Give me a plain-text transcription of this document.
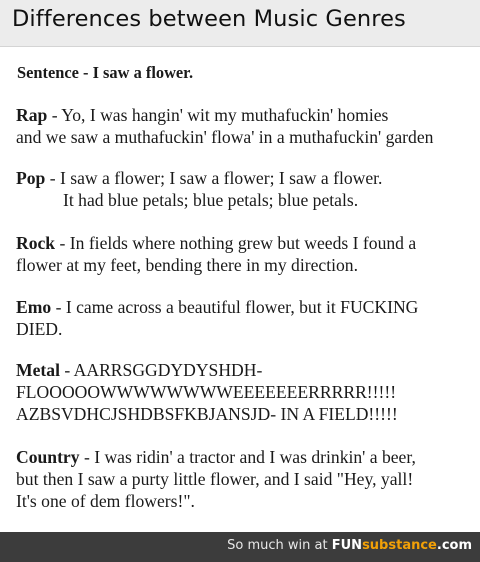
Differences between Music Genres
Sentence - I saw a flower.
Rap - Yo, I was hangin' wit my muthafuckin' homies
and we saw a muthafuckin' flowa' in a muthafuckin' garden
Pop - I saw a flower; I saw a flower; I saw a flower.
It had blue petals; blue petals; blue petals.
Rock - In fields where nothing grew but weeds I found a
flower at my feet, bending there in my direction.
Emo - I came across a beautiful flower, but it FUCKING
DIED.
Metal - AARRSGGDYDYSHDH-
FLOOOOOWWWWWWWWEEEEEEERRRRR!!!!!
AZBSVDHCJSHDBSFKBJANSJD- IN A FIELD!!!!!
Country - I was ridin' a tractor and I was drinkin' a beer,
but then I saw a purty little flower, and I said "Hey, yall!
It's one of dem flowers!".
So much win at FUNsubstance.com
